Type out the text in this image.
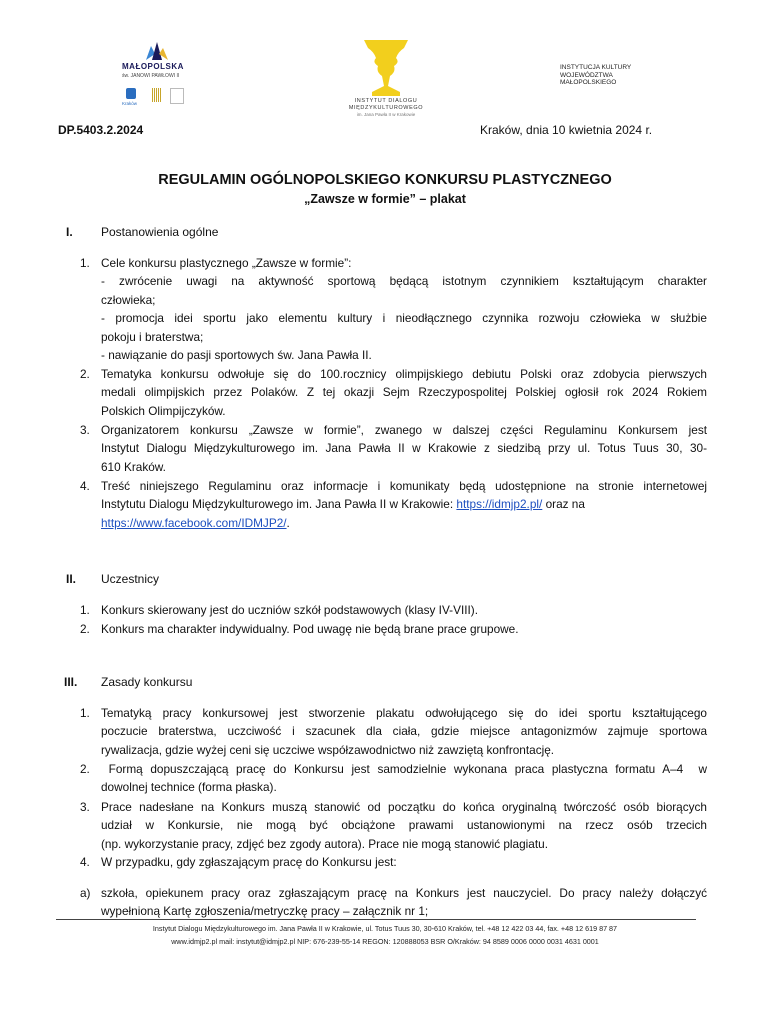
MAŁOPOLSKA
św. JANOWI PAWŁOWI II
Kraków	INSTYTUT DIALOGU
MIĘDZYKULTUROWEGO
im. Jana Pawła II w Krakowie
INSTYTUCJA KULTURY
WOJEWÓDZTWA
MAŁOPOLSKIEGO
DP.5403.2.2024	Kraków, dnia 10 kwietnia 2024 r.
REGULAMIN OGÓLNOPOLSKIEGO KONKURSU PLASTYCZNEGO
„Zawsze w formie” – plakat
I. Postanowienia ogólne
1. Cele konkursu plastycznego „Zawsze w formie”:
- zwrócenie uwagi na aktywność sportową będącą istotnym czynnikiem kształtującym charakter
człowieka;
- promocja idei sportu jako elementu kultury i nieodłącznego czynnika rozwoju człowieka w służbie
pokoju i braterstwa;
- nawiązanie do pasji sportowych św. Jana Pawła II.
2. Tematyka konkursu odwołuje się do 100.rocznicy olimpijskiego debiutu Polski oraz zdobycia pierwszych
medali olimpijskich przez Polaków. Z tej okazji Sejm Rzeczypospolitej Polskiej ogłosił rok 2024 Rokiem
Polskich Olimpijczyków.
3. Organizatorem konkursu „Zawsze w formie”, zwanego w dalszej części Regulaminu Konkursem jest
Instytut Dialogu Międzykulturowego im. Jana Pawła II w Krakowie z siedzibą przy ul. Totus Tuus 30, 30-
610 Kraków.
4. Treść niniejszego Regulaminu oraz informacje i komunikaty będą udostępnione na stronie internetowej
Instytutu Dialogu Międzykulturowego im. Jana Pawła II w Krakowie: https://idmjp2.pl/ oraz na
https://www.facebook.com/IDMJP2/.
II. Uczestnicy
1. Konkurs skierowany jest do uczniów szkół podstawowych (klasy IV-VIII).
2. Konkurs ma charakter indywidualny. Pod uwagę nie będą brane prace grupowe.
III. Zasady konkursu
1. Tematyką pracy konkursowej jest stworzenie plakatu odwołującego się do idei sportu kształtującego
poczucie braterstwa, uczciwość i szacunek dla ciała, gdzie miejsce antagonizmów zajmuje sportowa
rywalizacja, gdzie wyżej ceni się uczciwe współzawodnictwo niż zawziętą konfrontację.
2. Formą dopuszczającą pracę do Konkursu jest samodzielnie wykonana praca plastyczna formatu A–4  w
dowolnej technice (forma płaska).
3. Prace nadesłane na Konkurs muszą stanowić od początku do końca oryginalną twórczość osób biorących
udział w Konkursie, nie mogą być obciążone prawami ustanowionymi na rzecz osób trzecich
(np. wykorzystanie pracy, zdjęć bez zgody autora). Prace nie mogą stanowić plagiatu.
4. W przypadku, gdy zgłaszającym pracę do Konkursu jest:
a) szkoła, opiekunem pracy oraz zgłaszającym pracę na Konkurs jest nauczyciel. Do pracy należy dołączyć
wypełnioną Kartę zgłoszenia/metryczkę pracy – załącznik nr 1;
Instytut Dialogu Międzykulturowego im. Jana Pawła II w Krakowie, ul. Totus Tuus 30, 30-610 Kraków, tel. +48 12 422 03 44, fax. +48 12 619 87 87
www.idmjp2.pl mail: instytut@idmjp2.pl NIP: 676-239-55-14 REGON: 120888053 BSR O/Kraków: 94 8589 0006 0000 0031 4631 0001
